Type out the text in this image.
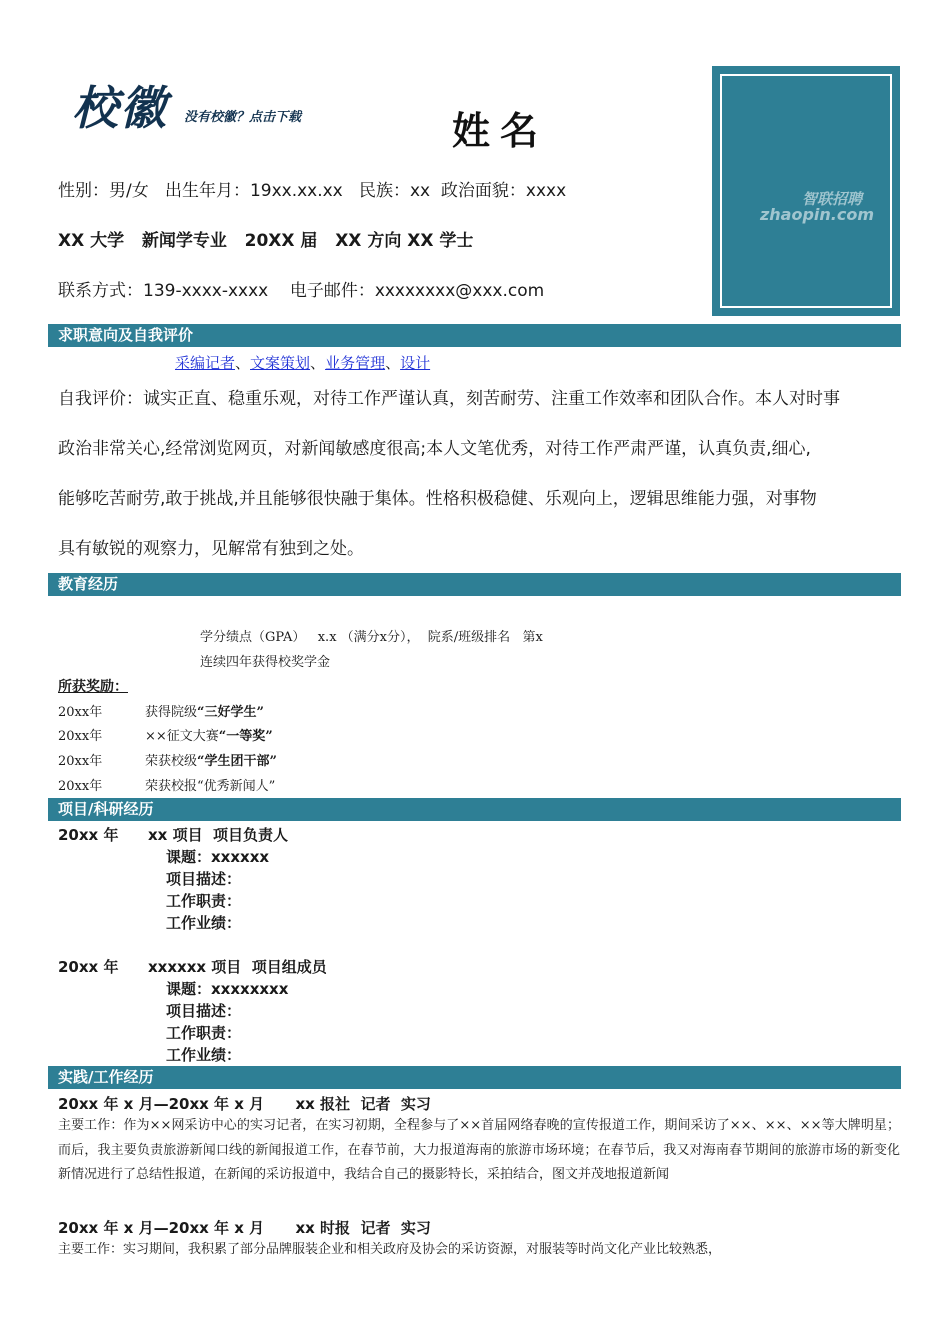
校徽 没有校徽？点击下载	姓名
智联招聘
zhaopin.com
性别：男/女   出生年月：19xx.xx.xx   民族：xx  政治面貌：xxxx
XX 大学   新闻学专业   20XX 届   XX 方向 XX 学士
联系方式：139-xxxx-xxxx    电子邮件：xxxxxxxx@xxx.com
求职意向及自我评价
采编记者、文案策划、业务管理、设计
自我评价：诚实正直、稳重乐观，对待工作严谨认真，刻苦耐劳、注重工作效率和团队合作。本人对时事
政治非常关心,经常浏览网页，对新闻敏感度很高;本人文笔优秀，对待工作严肃严谨，认真负责,细心,
能够吃苦耐劳,敢于挑战,并且能够很快融于集体。性格积极稳健、乐观向上，逻辑思维能力强，对事物
具有敏锐的观察力，见解常有独到之处。
教育经历
学分绩点（GPA）   x.x （满分x分），  院系/班级排名   第x
连续四年获得校奖学金
所获奖励：
20xx年	获得院级“三好学生”
20xx年	××征文大赛“一等奖”
20xx年	荣获校级“学生团干部”
20xx年	荣获校报“优秀新闻人”
项目/科研经历
20xx 年 xx 项目  项目负责人
课题：xxxxxx
项目描述：
工作职责：
工作业绩：
20xx 年 xxxxxx 项目  项目组成员
课题：xxxxxxxx
项目描述：
工作职责：
工作业绩：
实践/工作经历
20xx 年 x 月—20xx 年 x 月      xx 报社  记者  实习
主要工作：作为××网采访中心的实习记者，在实习初期，全程参与了××首届网络春晚的宣传报道工作，期间采访了××、××、××等大牌明星；而后，我主要负责旅游新闻口线的新闻报道工作，在春节前，大力报道海南的旅游市场环境；在春节后，我又对海南春节期间的旅游市场的新变化新情况进行了总结性报道，在新闻的采访报道中，我结合自己的摄影特长，采拍结合，图文并茂地报道新闻
20xx 年 x 月—20xx 年 x 月      xx 时报  记者  实习
主要工作：实习期间，我积累了部分品牌服装企业和相关政府及协会的采访资源，对服装等时尚文化产业比较熟悉，
